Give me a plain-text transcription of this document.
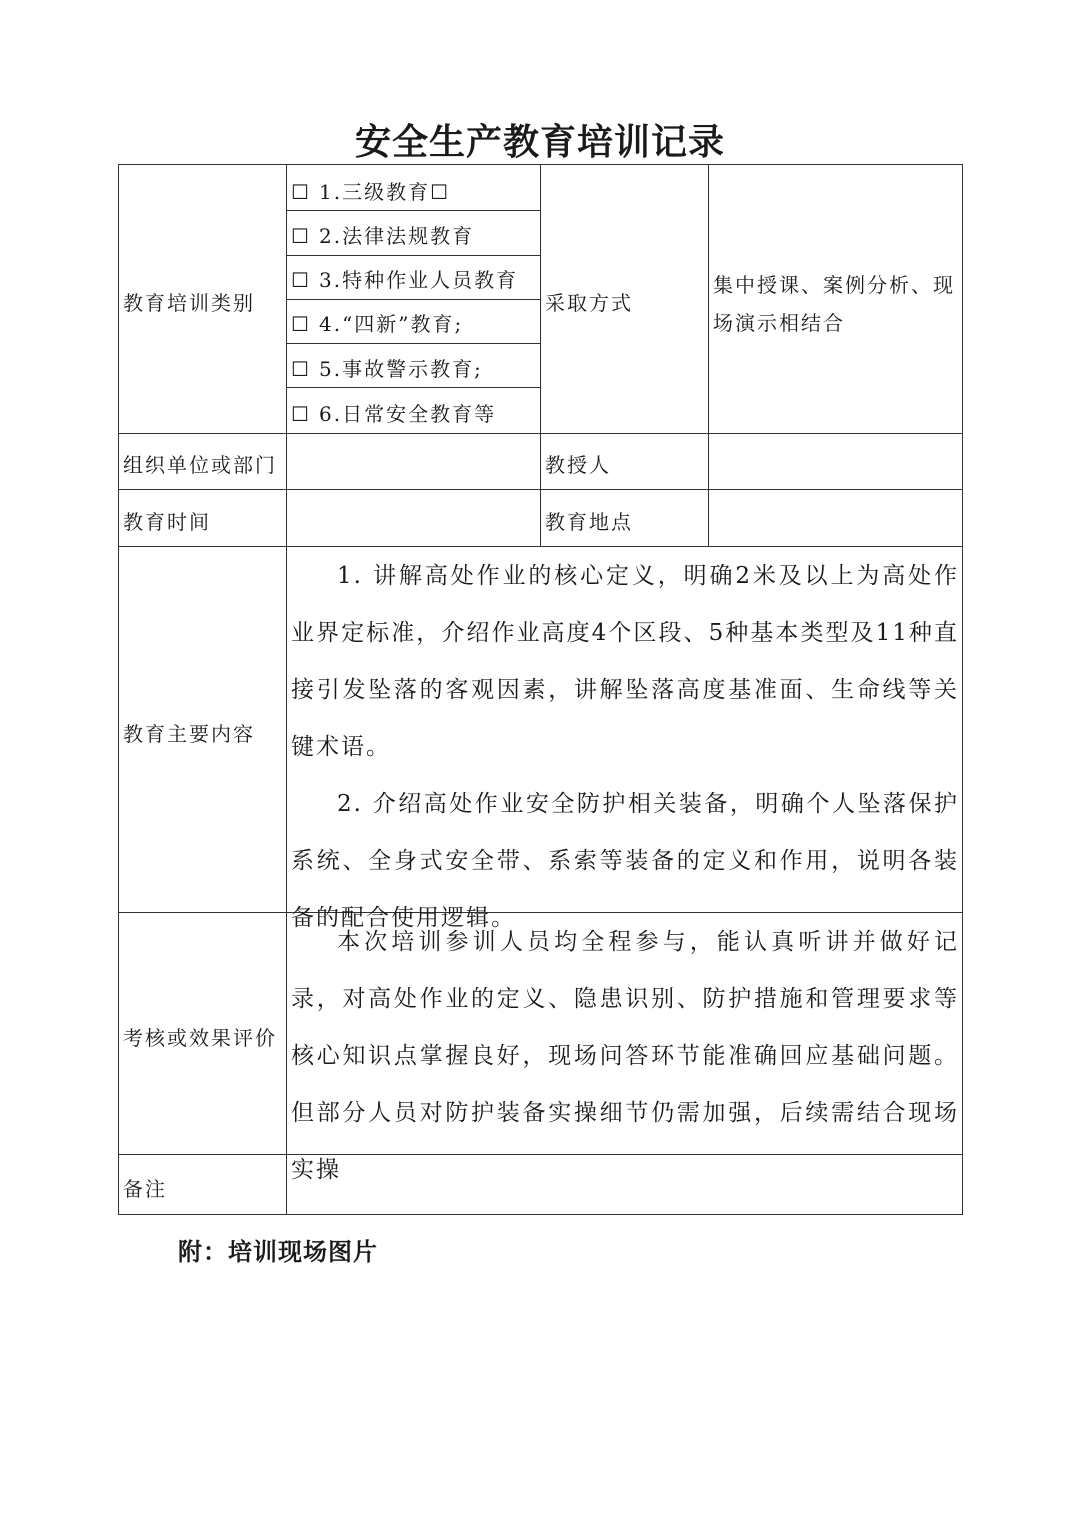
安全生产教育培训记录
教育培训类别
☐ 1.三级教育☐
☐ 2.法律法规教育
☐ 3.特种作业人员教育
☐ 4.“四新”教育;
☐ 5.事故警示教育;
☐ 6.日常安全教育等
采取方式
集中授课、案例分析、现场演示相结合
组织单位或部门	教授人
教育时间	教育地点
教育主要内容

1. 讲解高处作业的核心定义，明确2米及以上为高处作业界定标准，介绍作业高度4个区段、5种基本类型及11种直接引发坠落的客观因素，讲解坠落高度基准面、生命线等关键术语。

2. 介绍高处作业安全防护相关装备，明确个人坠落保护系统、全身式安全带、系索等装备的定义和作用，说明各装备的配合使用逻辑。

考核或效果评价

本次培训参训人员均全程参与，能认真听讲并做好记录，对高处作业的定义、隐患识别、防护措施和管理要求等核心知识点掌握良好，现场问答环节能准确回应基础问题。但部分人员对防护装备实操细节仍需加强，后续需结合现场实操

备注
附：培训现场图片
